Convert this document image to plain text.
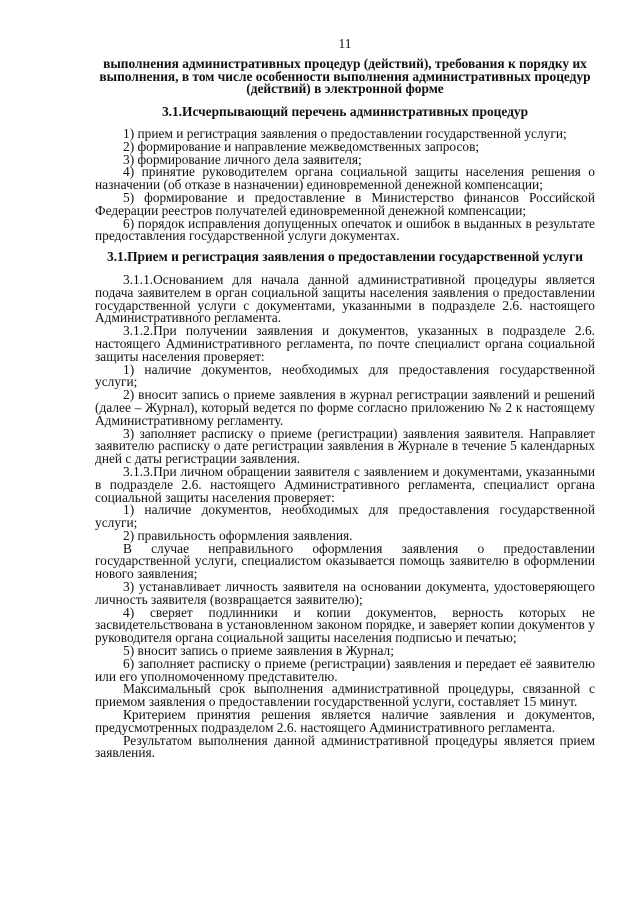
11

выполнения административных процедур (действий), требования к порядку их выполнения, в том числе особенности выполнения административных процедур (действий) в электронной форме

3.1.Исчерпывающий перечень административных процедур

1) прием и регистрация заявления о предоставлении государственной услуги;

2) формирование и направление межведомственных запросов;

3) формирование личного дела заявителя;

4) принятие руководителем органа социальной защиты населения решения о назначении (об отказе в назначении) единовременной денежной компенсации;

5) формирование и предоставление в Министерство финансов Российской Федерации реестров получателей единовременной денежной компенсации;

6) порядок исправления допущенных опечаток и ошибок в выданных в результате предоставления государственной услуги документах.

3.1.Прием и регистрация заявления о предоставлении государственной услуги

3.1.1.Основанием для начала данной административной процедуры является подача заявителем в орган социальной защиты населения заявления о предоставлении государственной услуги с документами, указанными в подразделе 2.6. настоящего Административного регламента.

3.1.2.При получении заявления и документов, указанных в подразделе 2.6. настоящего Административного регламента, по почте специалист органа социальной защиты населения проверяет:

1) наличие документов, необходимых для предоставления государственной услуги;

2) вносит запись о приеме заявления в журнал регистрации заявлений и решений (далее – Журнал), который ведется по форме согласно приложению № 2 к настоящему Административному регламенту.

3) заполняет расписку о приеме (регистрации) заявления заявителя. Направляет заявителю расписку о дате регистрации заявления в Журнале в течение 5 календарных дней с даты регистрации заявления.

3.1.3.При личном обращении заявителя с заявлением и документами, указанными в подразделе 2.6. настоящего Административного регламента, специалист органа социальной защиты населения проверяет:

1) наличие документов, необходимых для предоставления государственной услуги;

2) правильность оформления заявления.

В случае неправильного оформления заявления о предоставлении государственной услуги, специалистом оказывается помощь заявителю в оформлении нового заявления;

3) устанавливает личность заявителя на основании документа, удостоверяющего личность заявителя (возвращается заявителю);

4) сверяет подлинники и копии документов, верность которых не засвидетельствована в установленном законом порядке, и заверяет копии документов у руководителя органа социальной защиты населения подписью и печатью;

5) вносит запись о приеме заявления в Журнал;

6) заполняет расписку о приеме (регистрации) заявления и передает её заявителю или его уполномоченному представителю.

Максимальный срок выполнения административной процедуры, связанной с приемом заявления о предоставлении государственной услуги, составляет 15 минут.

Критерием принятия решения является наличие заявления и документов, предусмотренных подразделом 2.6. настоящего Административного регламента.

Результатом выполнения данной административной процедуры является прием заявления.
